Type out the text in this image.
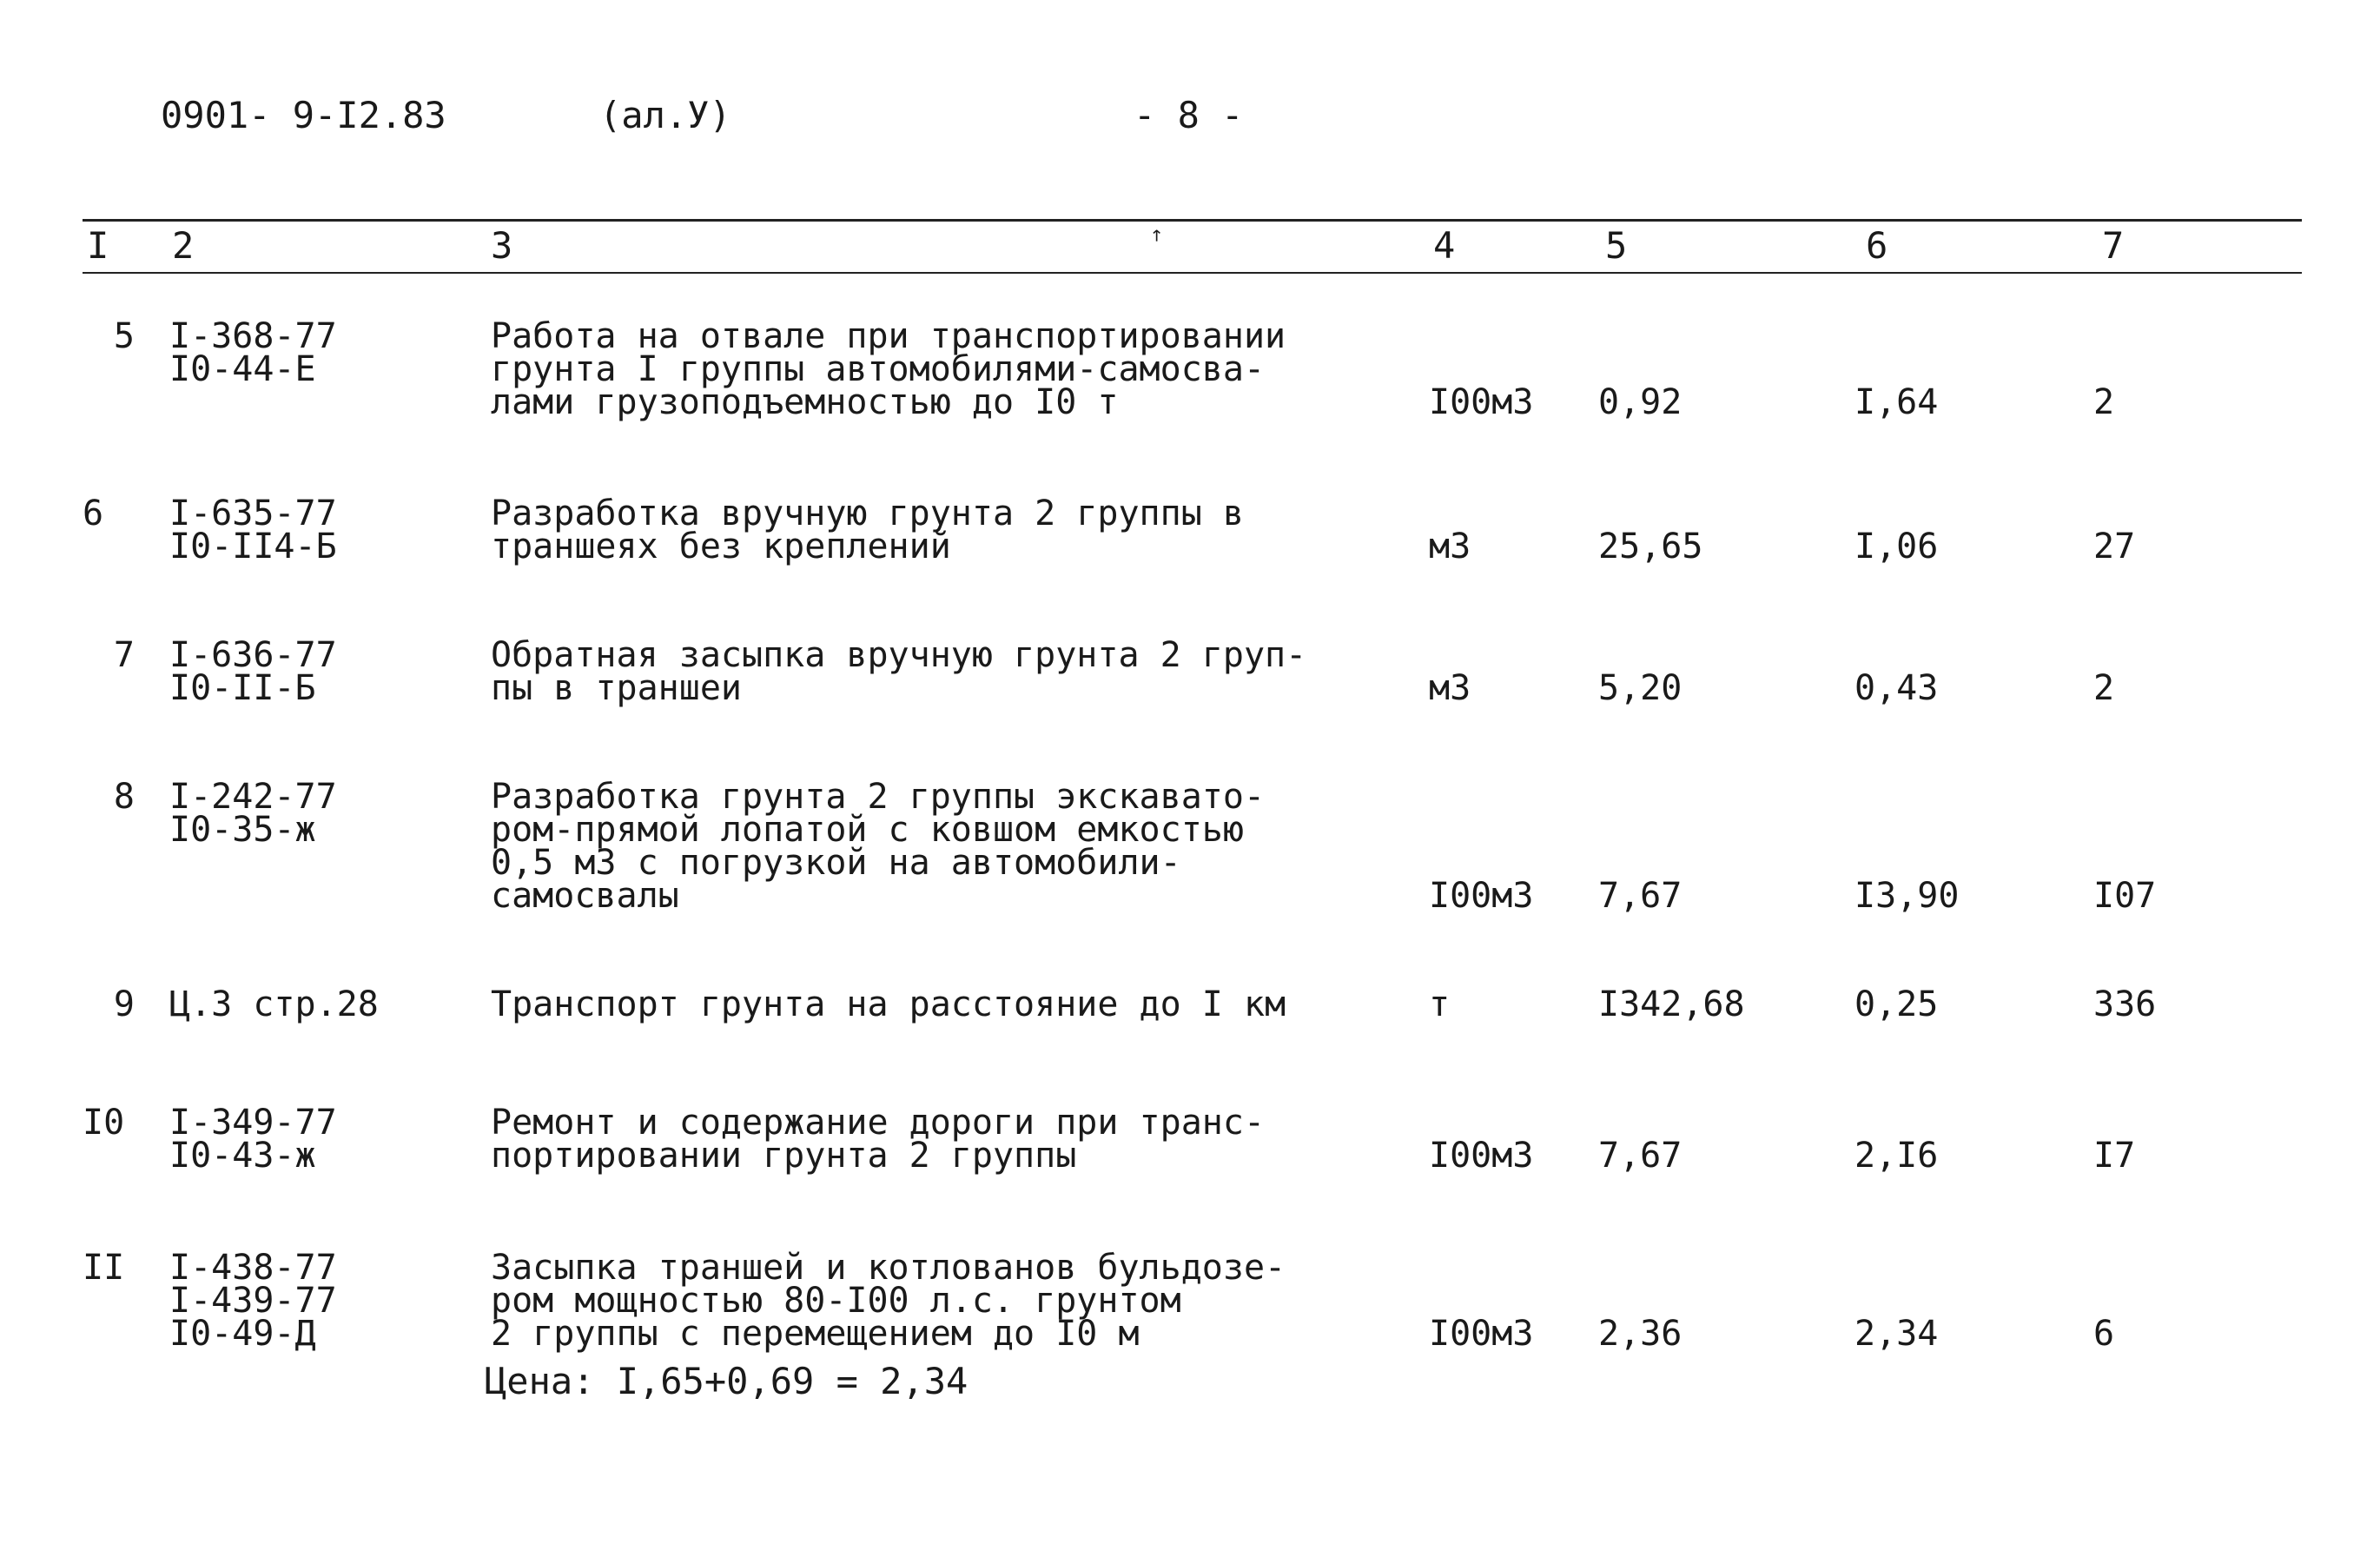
0901- 9-I2.83	(ал.У)	- 8 -
I 2	3	4	5	6	7
ꜛ
5 I-368-77
I0-44-E
Работа на отвале при транспортировании
грунта I группы автомобилями-самосва-
лами грузоподъемностью до I0 т	I00м3	0,92	I,64	2
6	I-635-77
I0-II4-Б
Разработка вручную грунта 2 группы в
траншеях без креплений	м3	25,65	I,06	27
7 I-636-77
I0-II-Б
Обратная засыпка вручную грунта 2 груп-
пы в траншеи	м3	5,20	0,43	2
8 I-242-77
I0-35-ж
Разработка грунта 2 группы экскавато-
ром-прямой лопатой с ковшом емкостью
0,5 м3 с погрузкой на автомобили-
самосвалы	I00м3	7,67	I3,90	I07
9 Ц.3 стр.28	Транспорт грунта на расстояние до I км	т	I342,68	0,25	336
I0 I-349-77
I0-43-ж
Ремонт и содержание дороги при транс-
портировании грунта 2 группы	I00м3	7,67	2,I6	I7
II I-438-77
I-439-77
I0-49-Д
Засыпка траншей и котлованов бульдозе-
ром мощностью 80-I00 л.с. грунтом
2 группы с перемещением до I0 м	I00м3	2,36	2,34	6
Цена: I,65+0,69 = 2,34
